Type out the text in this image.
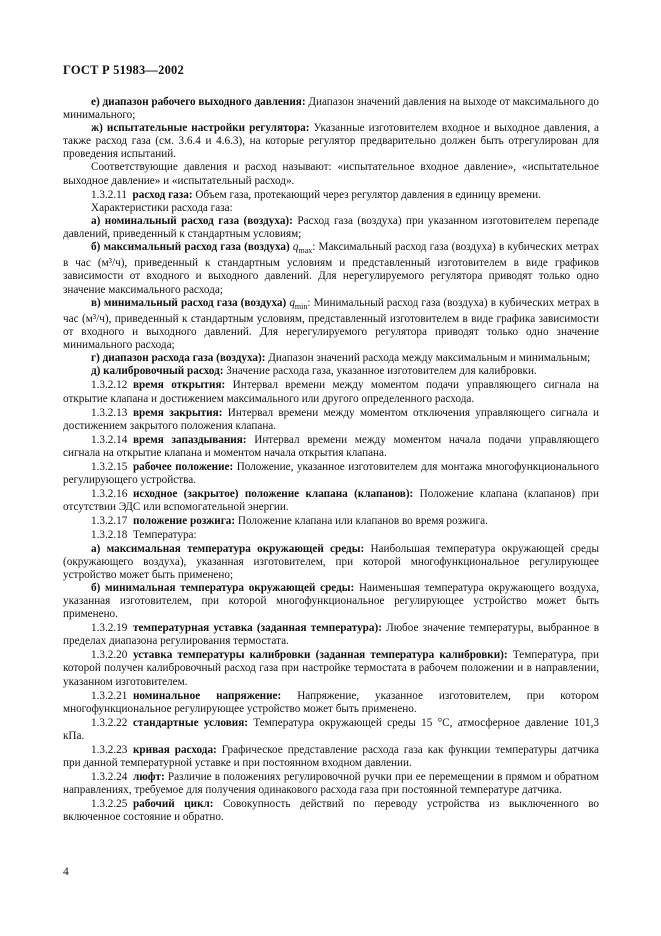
ГОСТ Р 51983—2002

е) диапазон рабочего выходного давления: Диапазон значений давления на выходе от максимального до минимального;

ж) испытательные настройки регулятора: Указанные изготовителем входное и выходное давления, а также расход газа (см. 3.6.4 и 4.6.3), на которые регулятор предварительно должен быть отрегулирован для проведения испытаний.

Соответствующие давления и расход называют: «испытательное входное давление», «испытательное выходное давление» и «испытательный расход».

1.3.2.11  расход газа: Объем газа, протекающий через регулятор давления в единицу времени.

Характеристики расхода газа:

а) номинальный расход газа (воздуха): Расход газа (воздуха) при указанном изготовителем перепаде давлений, приведенный к стандартным условиям;

б) максимальный расход газа (воздуха) $q_{max}$: Максимальный расход газа (воздуха) в кубических метрах в час (м³/ч), приведенный к стандартным условиям и представленный изготовителем в виде графиков зависимости от входного и выходного давлений. Для нерегулируемого регулятора приводят только одно значение максимального расхода;

в) минимальный расход газа (воздуха) $q_{min}$: Минимальный расход газа (воздуха) в кубических метрах в час (м³/ч), приведенный к стандартным условиям, представленный изготовителем в виде графика зависимости от входного и выходного давлений. Для нерегулируемого регулятора приводят только одно значение минимального расхода;

г) диапазон расхода газа (воздуха): Диапазон значений расхода между максимальным и минимальным;

д) калибровочный расход: Значение расхода газа, указанное изготовителем для калибровки.

1.3.2.12  время открытия: Интервал времени между моментом подачи управляющего сигнала на открытие клапана и достижением максимального или другого определенного расхода.

1.3.2.13  время закрытия: Интервал времени между моментом отключения управляющего сигнала и достижением закрытого положения клапана.

1.3.2.14  время запаздывания: Интервал времени между моментом начала подачи управляющего сигнала на открытие клапана и моментом начала открытия клапана.

1.3.2.15  рабочее положение: Положение, указанное изготовителем для монтажа многофункционального регулирующего устройства.

1.3.2.16  исходное (закрытое) положение клапана (клапанов): Положение клапана (клапанов) при отсутствии ЭДС или вспомогательной энергии.

1.3.2.17  положение розжига: Положение клапана или клапанов во время розжига.

1.3.2.18  Температура:

а) максимальная температура окружающей среды: Наибольшая температура окружающей среды (окружающего воздуха), указанная изготовителем, при которой многофункциональное регулирующее устройство может быть применено;

б) минимальная температура окружающей среды: Наименьшая температура окружающего воздуха, указанная изготовителем, при которой многофункциональное регулирующее устройство может быть применено.

1.3.2.19  температурная уставка (заданная температура): Любое значение температуры, выбранное в пределах диапазона регулирования термостата.

1.3.2.20  уставка температуры калибровки (заданная температура калибровки): Температура, при которой получен калибровочный расход газа при настройке термостата в рабочем положении и в направлении, указанном изготовителем.

1.3.2.21  номинальное напряжение: Напряжение, указанное изготовителем, при котором многофункциональное регулирующее устройство может быть применено.

1.3.2.22  стандартные условия: Температура окружающей среды 15 °С, атмосферное давление 101,3 кПа.

1.3.2.23  кривая расхода: Графическое представление расхода газа как функции температуры датчика при данной температурной уставке и при постоянном входном давлении.

1.3.2.24  люфт: Различие в положениях регулировочной ручки при ее перемещении в прямом и обратном направлениях, требуемое для получения одинакового расхода газа при постоянной температуре датчика.

1.3.2.25  рабочий цикл: Совокупность действий по переводу устройства из выключенного во включенное состояние и обратно.

4
